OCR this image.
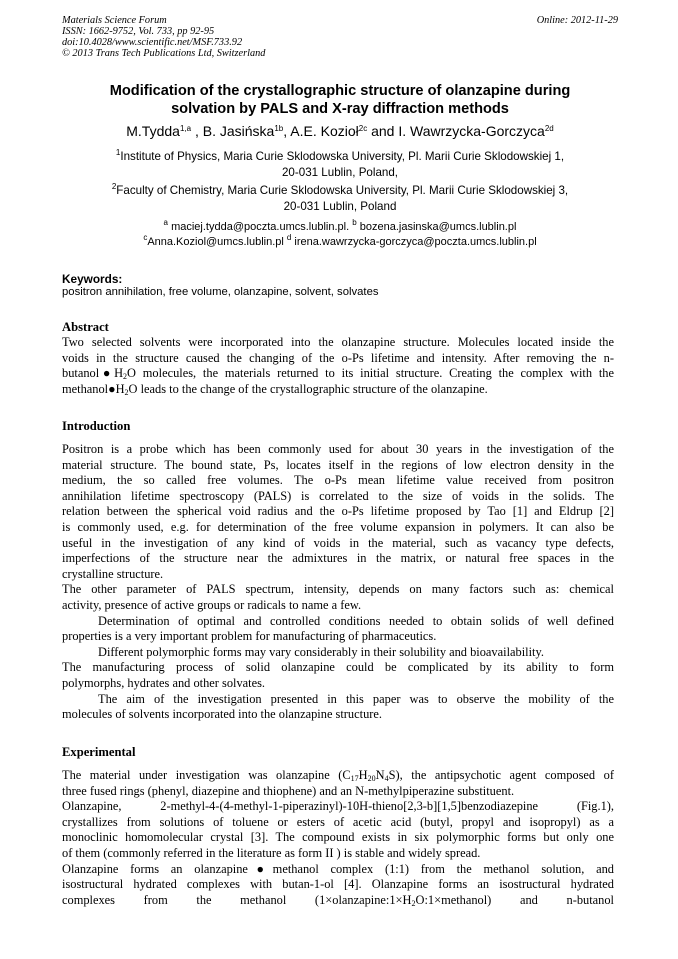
Materials Science Forum	Online: 2012-11-29
ISSN: 1662-9752, Vol. 733, pp 92-95
doi:10.4028/www.scientific.net/MSF.733.92
© 2013 Trans Tech Publications Ltd, Switzerland
Modification of the crystallographic structure of olanzapine during
solvation by PALS and X-ray diffraction methods
M.Tydda$^{1,a}$ , B. Jasińska$^{1b}$, A.E. Kozioł$^{2c}$ and I. Wawrzycka-Gorczyca$^{2d}$
$^1$Institute of Physics, Maria Curie Sklodowska University, Pl. Marii Curie Sklodowskiej 1,
20-031 Lublin, Poland,
$^2$Faculty of Chemistry, Maria Curie Sklodowska University, Pl. Marii Curie Sklodowskiej 3,
20-031 Lublin, Poland
$^a$ maciej.tydda@poczta.umcs.lublin.pl. $^b$ bozena.jasinska@umcs.lublin.pl
$^c$Anna.Koziol@umcs.lublin.pl $^d$ irena.wawrzycka-gorczyca@poczta.umcs.lublin.pl
Keywords:
positron annihilation, free volume, olanzapine, solvent, solvates
Abstract
Two selected solvents were incorporated into the olanzapine structure. Molecules located inside the
voids in the structure caused the changing of the o-Ps lifetime and intensity. After removing the n-
$butanol●H_2O$ molecules, the materials returned to its initial structure. Creating the complex with the
$methanol●H_2O$ leads to the change of the crystallographic structure of the olanzapine.
Introduction
Positron is a probe which has been commonly used for about 30 years in the investigation of the
material structure. The bound state, Ps, locates itself in the regions of low electron density in the
medium, the so called free volumes. The o-Ps mean lifetime value received from positron
annihilation lifetime spectroscopy (PALS) is correlated to the size of voids in the solids. The
relation between the spherical void radius and the o-Ps lifetime proposed by Tao [1] and Eldrup [2]
is commonly used, e.g. for determination of the free volume expansion in polymers. It can also be
useful in the investigation of any kind of voids in the material, such as vacancy type defects,
imperfections of the structure near the admixtures in the matrix, or natural free spaces in the
crystalline structure.
The other parameter of PALS spectrum, intensity, depends on many factors such as: chemical
activity, presence of active groups or radicals to name a few.
Determination of optimal and controlled conditions needed to obtain solids of well defined
properties is a very important problem for manufacturing of pharmaceutics.
Different polymorphic forms may vary considerably in their solubility and bioavailability.
The manufacturing process of solid olanzapine could be complicated by its ability to form
polymorphs, hydrates and other solvates.
The aim of the investigation presented in this paper was to observe the mobility of the
molecules of solvents incorporated into the olanzapine structure.
Experimental
The material under investigation was olanzapine $(C_{17}H_{20}N_4S)$, the antipsychotic agent composed of
three fused rings (phenyl, diazepine and thiophene) and an N-methylpiperazine substituent.
Olanzapine, 2-methyl-4-(4-methyl-1-piperazinyl)-10H-thieno[2,3-b][1,5]benzodiazepine (Fig.1),
crystallizes from solutions of toluene or esters of acetic acid (butyl, propyl and isopropyl) as a
monoclinic homomolecular crystal [3]. The compound exists in six polymorphic forms but only one
of them (commonly referred in the literature as form II ) is stable and widely spread.
Olanzapine forms an olanzapine●methanol complex (1:1) from the methanol solution, and
isostructural hydrated complexes with butan-1-ol [4]. Olanzapine forms an isostructural hydrated
complexes from the methanol $(1\times olanzapine:1\times H_2O:1\times methanol)$ and n-butanol
